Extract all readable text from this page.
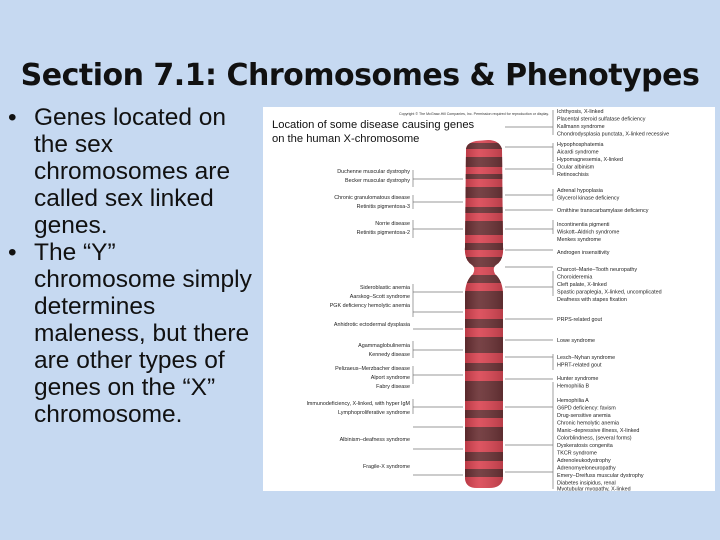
Section 7.1: Chromosomes & Phenotypes
• Genes located on the sex chromosomes are called sex linked genes.
• The “Y” chromosome simply determines maleness, but there are other types of genes on the “X” chromosome.
Copyright © The McGraw-Hill Companies, Inc. Permission required for reproduction or display.
Location of some disease causing genes
on the human X-chromosome
Duchenne muscular dystrophy
Becker muscular dystrophy
Chronic granulomatous disease
Retinitis pigmentosa-3
Norrie disease
Retinitis pigmentosa-2
Sideroblastic anemia
Aarskog–Scott syndrome
PGK deficiency hemolytic anemia
Anhidrotic ectodermal dysplasia
Agammaglobulinemia
Kennedy disease
Pelizaeus–Merzbacher disease
Alport syndrome
Fabry disease
Immunodeficiency, X-linked, with hyper IgM
Lymphoproliferative syndrome
Albinism–deafness syndrome
Fragile-X syndrome
Ichthyosis, X-linked
Placental steroid sulfatase deficiency
Kallmann syndrome
Chondrodysplasia punctata, X-linked recessive
Hypophosphatemia
Aicardi syndrome
Hypomagnesemia, X-linked
Ocular albinism
Retinoschisis
Adrenal hypoplasia
Glycerol kinase deficiency
Ornithine transcarbamylase deficiency
Incontinentia pigmenti
Wiskott–Aldrich syndrome
Menkes syndrome
Androgen insensitivity
Charcot–Marie–Tooth neuropathy
Choroideremia
Cleft palate, X-linked
Spastic paraplegia, X-linked, uncomplicated
Deafness with stapes fixation
PRPS-related gout
Lowe syndrome
Lesch–Nyhan syndrome
HPRT-related gout
Hunter syndrome
Hemophilia B
Hemophilia A
G6PD deficiency: favism
Drug-sensitive anemia
Chronic hemolytic anemia
Manic–depressive illness, X-linked
Colorblindness, (several forms)
Dyskeratosis congenita
TKCR syndrome
Adrenoleukodystrophy
Adrenomyeloneuropathy
Emery–Dreifuss muscular dystrophy
Diabetes insipidus, renal
Myotubular myopathy, X-linked
